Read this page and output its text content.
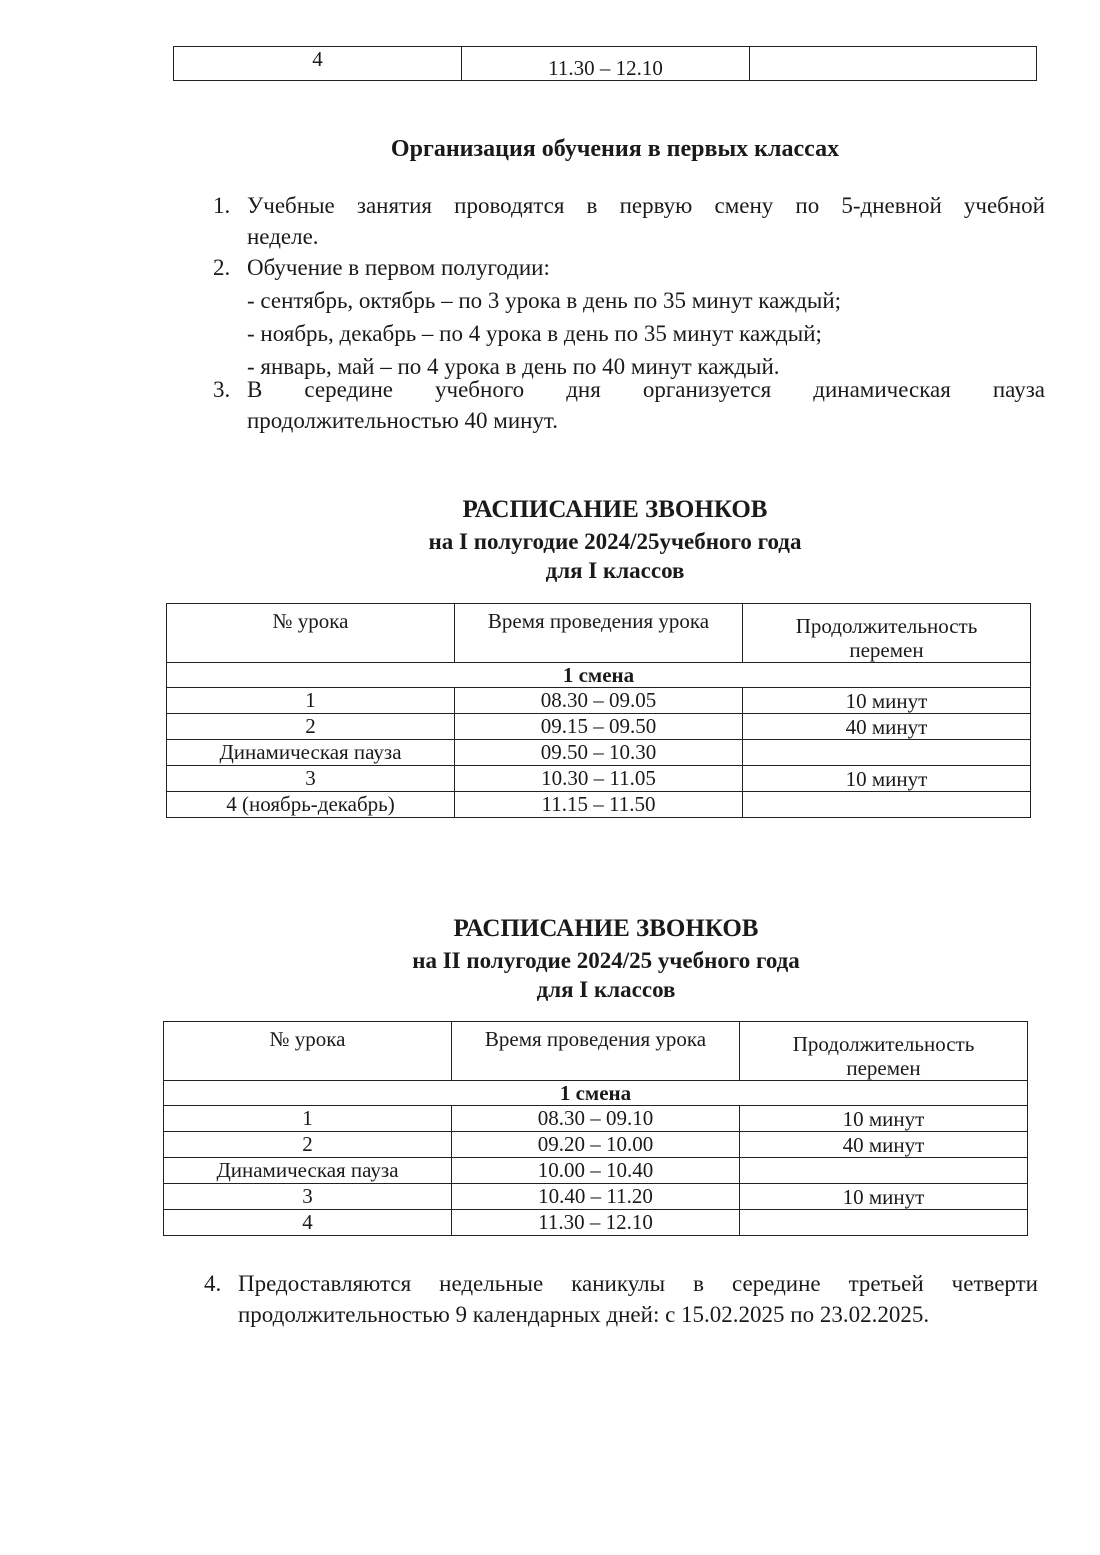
4	11.30 – 12.10	
Организация обучения в первых классах
1. Учебные занятия проводятся в первую смену по 5-дневной учебной
неделе.
2. Обучение в первом полугодии:
- сентябрь, октябрь – по 3 урока в день по 35 минут каждый;
- ноябрь, декабрь – по 4 урока в день по 35 минут каждый;
- январь, май – по 4 урока в день по 40 минут каждый.
3. В середине учебного дня организуется динамическая пауза
продолжительностью 40 минут.
РАСПИСАНИЕ ЗВОНКОВ
на I полугодие 2024/25учебного года
для I классов
№ урока	Время проведения урока	Продолжительность перемен
1 смена		
1	08.30 – 09.05	10 минут
2	09.15 – 09.50	40 минут
Динамическая пауза	09.50 – 10.30	
3	10.30 – 11.05	10 минут
4 (ноябрь-декабрь)	11.15 – 11.50	
РАСПИСАНИЕ ЗВОНКОВ
на II полугодие 2024/25 учебного года
для I классов
№ урока	Время проведения урока	Продолжительность перемен
1 смена		
1	08.30 – 09.10	10 минут
2	09.20 – 10.00	40 минут
Динамическая пауза	10.00 – 10.40	
3	10.40 – 11.20	10 минут
4	11.30 – 12.10	
4. Предоставляются недельные каникулы в середине третьей четверти
продолжительностью 9 календарных дней: с 15.02.2025 по 23.02.2025.
